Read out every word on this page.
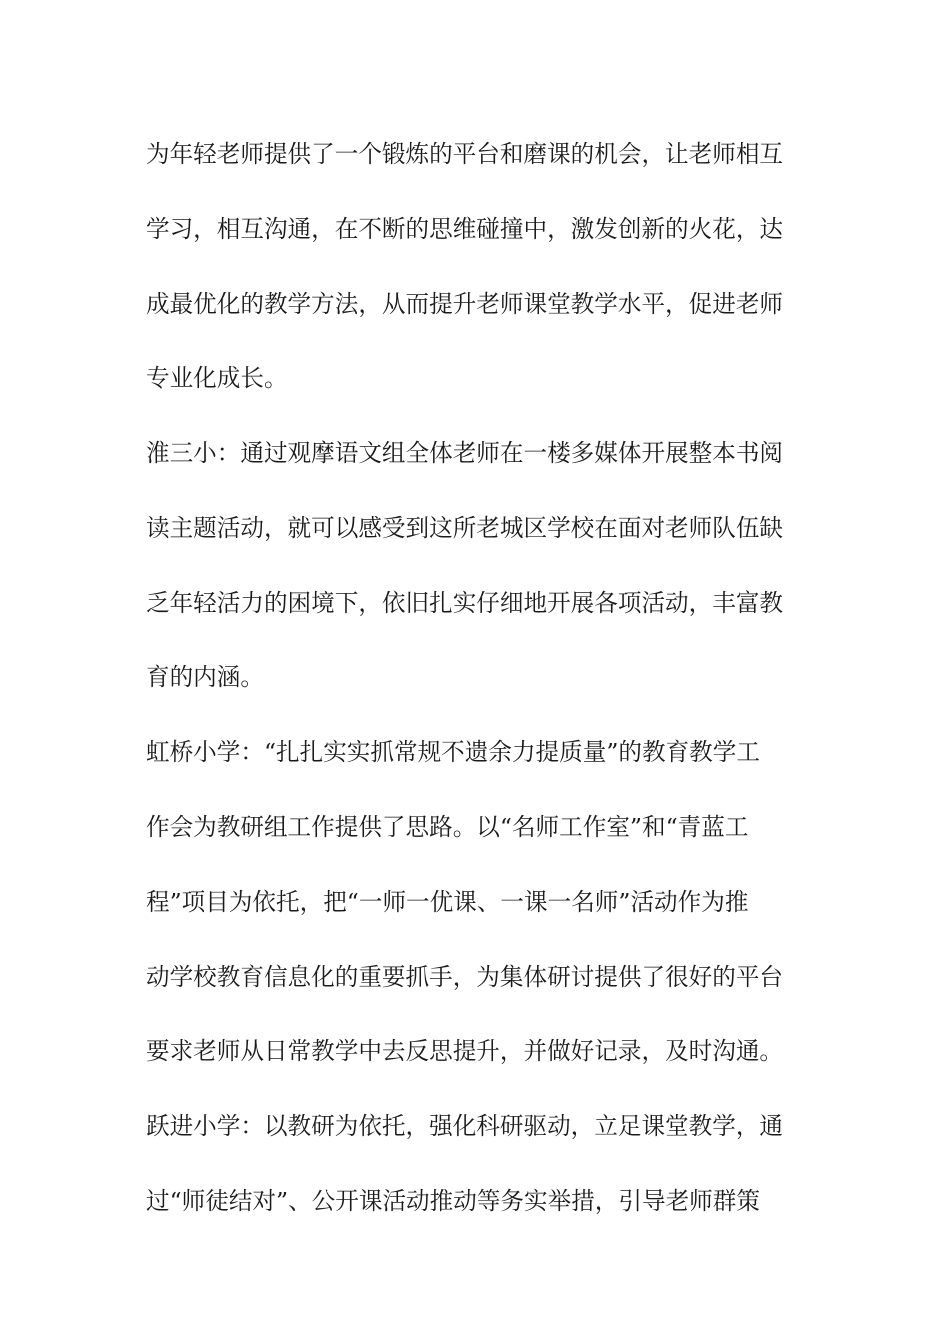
为年轻老师提供了一个锻炼的平台和磨课的机会，让老师相互
学习，相互沟通，在不断的思维碰撞中，激发创新的火花，达
成最优化的教学方法，从而提升老师课堂教学水平，促进老师
专业化成长。
淮三小：通过观摩语文组全体老师在一楼多媒体开展整本书阅
读主题活动，就可以感受到这所老城区学校在面对老师队伍缺
乏年轻活力的困境下，依旧扎实仔细地开展各项活动，丰富教
育的内涵。
虹桥小学：“扎扎实实抓常规不遗余力提质量”的教育教学工
作会为教研组工作提供了思路。以“名师工作室”和“青蓝工
程”项目为依托，把“一师一优课、一课一名师”活动作为推
动学校教育信息化的重要抓手，为集体研讨提供了很好的平台
要求老师从日常教学中去反思提升，并做好记录，及时沟通。
跃进小学：以教研为依托，强化科研驱动，立足课堂教学，通
过“师徒结对”、公开课活动推动等务实举措，引导老师群策
